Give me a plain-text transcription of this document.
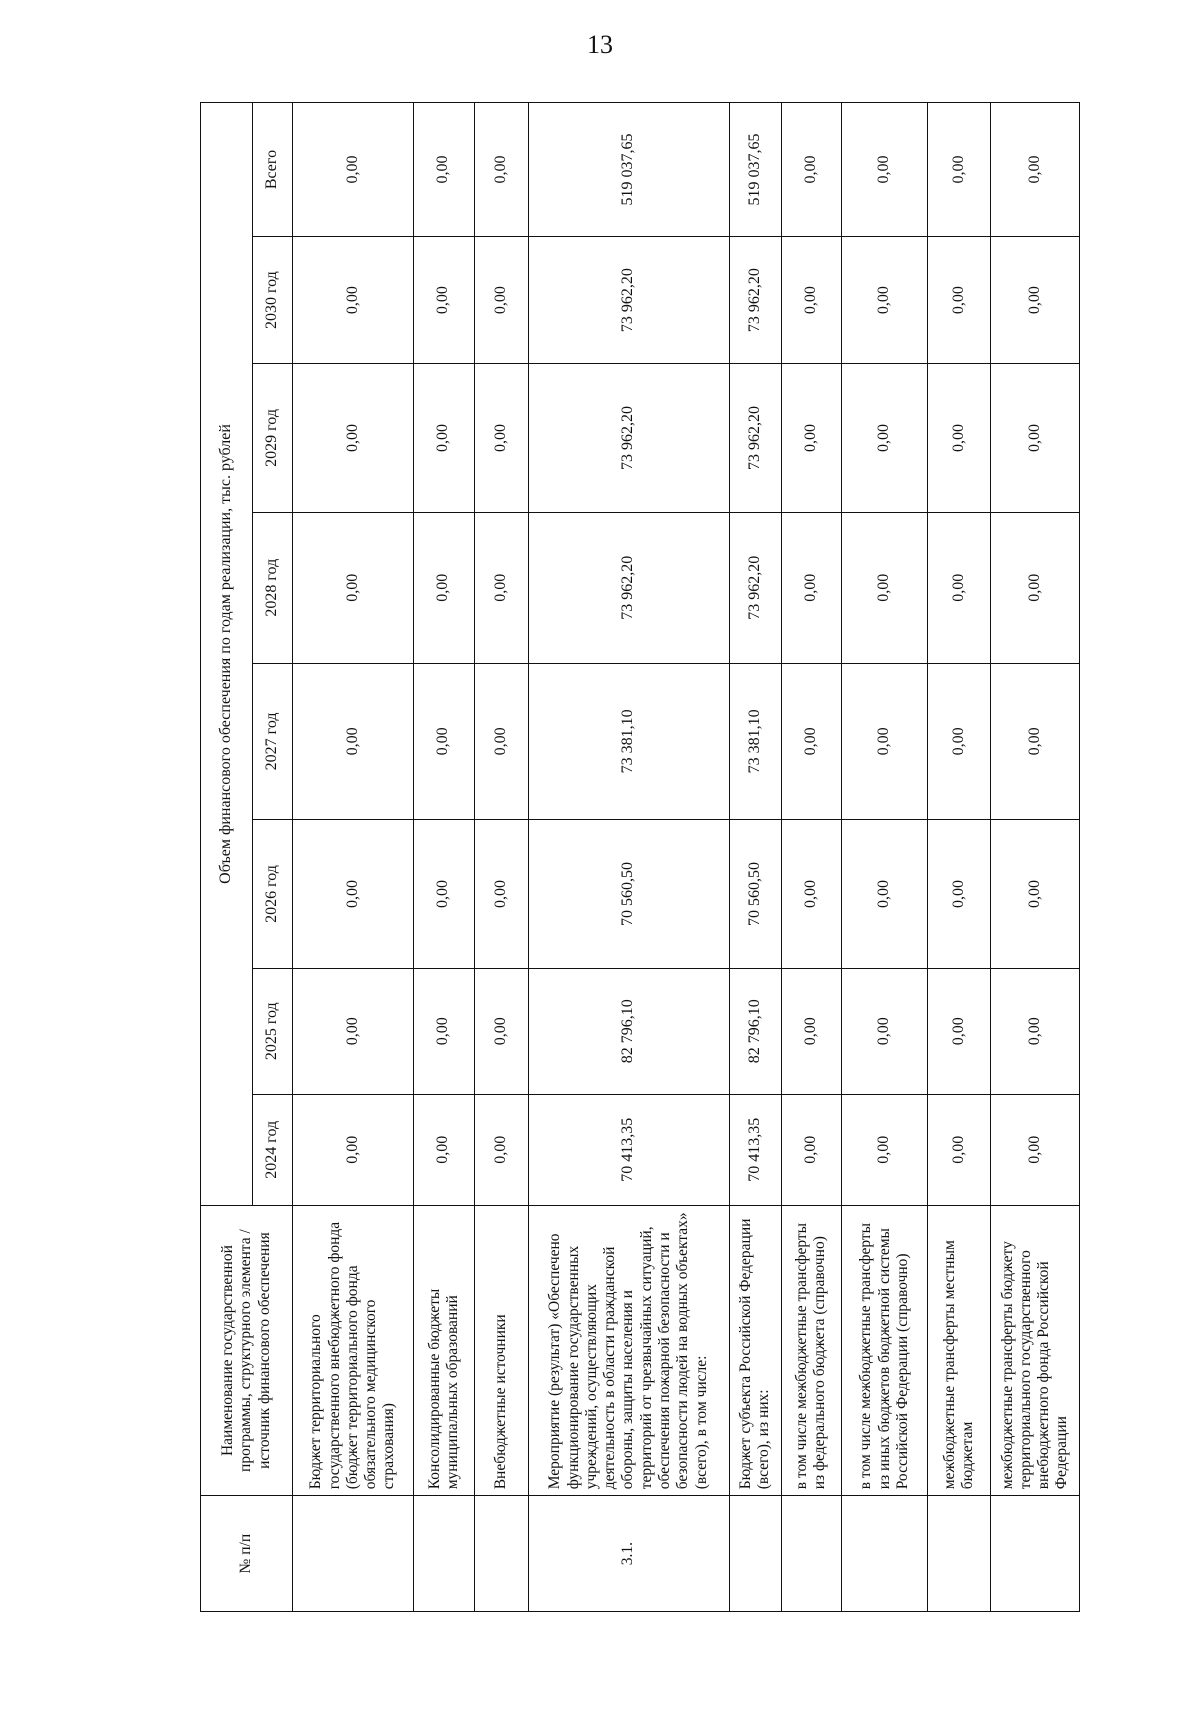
13
№ п/п	Наименование государственной программы, структурного элемента / источник финансового обеспечения	Объем финансового обеспечения по годам реализации, тыс. рублей							
		2024 год	2025 год	2026 год	2027 год	2028 год	2029 год	2030 год	Всего
	Бюджет территориального государственного внебюджетного фонда (бюджет территориального фонда обязательного медицинского страхования)	0,00	0,00	0,00	0,00	0,00	0,00	0,00	0,00
	Консолидированные бюджеты муниципальных образований	0,00	0,00	0,00	0,00	0,00	0,00	0,00	0,00
	Внебюджетные источники	0,00	0,00	0,00	0,00	0,00	0,00	0,00	0,00
3.1.	Мероприятие (результат) «Обеспечено функционирование государственных учреждений, осуществляющих деятельность в области гражданской обороны, защиты населения и территорий от чрезвычайных ситуаций, обеспечения пожарной безопасности и безопасности людей на водных объектах» (всего), в том числе:	70 413,35	82 796,10	70 560,50	73 381,10	73 962,20	73 962,20	73 962,20	519 037,65
	Бюджет субъекта Российской Федерации (всего), из них:	70 413,35	82 796,10	70 560,50	73 381,10	73 962,20	73 962,20	73 962,20	519 037,65
	в том числе межбюджетные трансферты из федерального бюджета (справочно)	0,00	0,00	0,00	0,00	0,00	0,00	0,00	0,00
	в том числе межбюджетные трансферты из иных бюджетов бюджетной системы Российской Федерации (справочно)	0,00	0,00	0,00	0,00	0,00	0,00	0,00	0,00
	межбюджетные трансферты местным бюджетам	0,00	0,00	0,00	0,00	0,00	0,00	0,00	0,00
	межбюджетные трансферты бюджету территориального государственного внебюджетного фонда Российской Федерации	0,00	0,00	0,00	0,00	0,00	0,00	0,00	0,00
